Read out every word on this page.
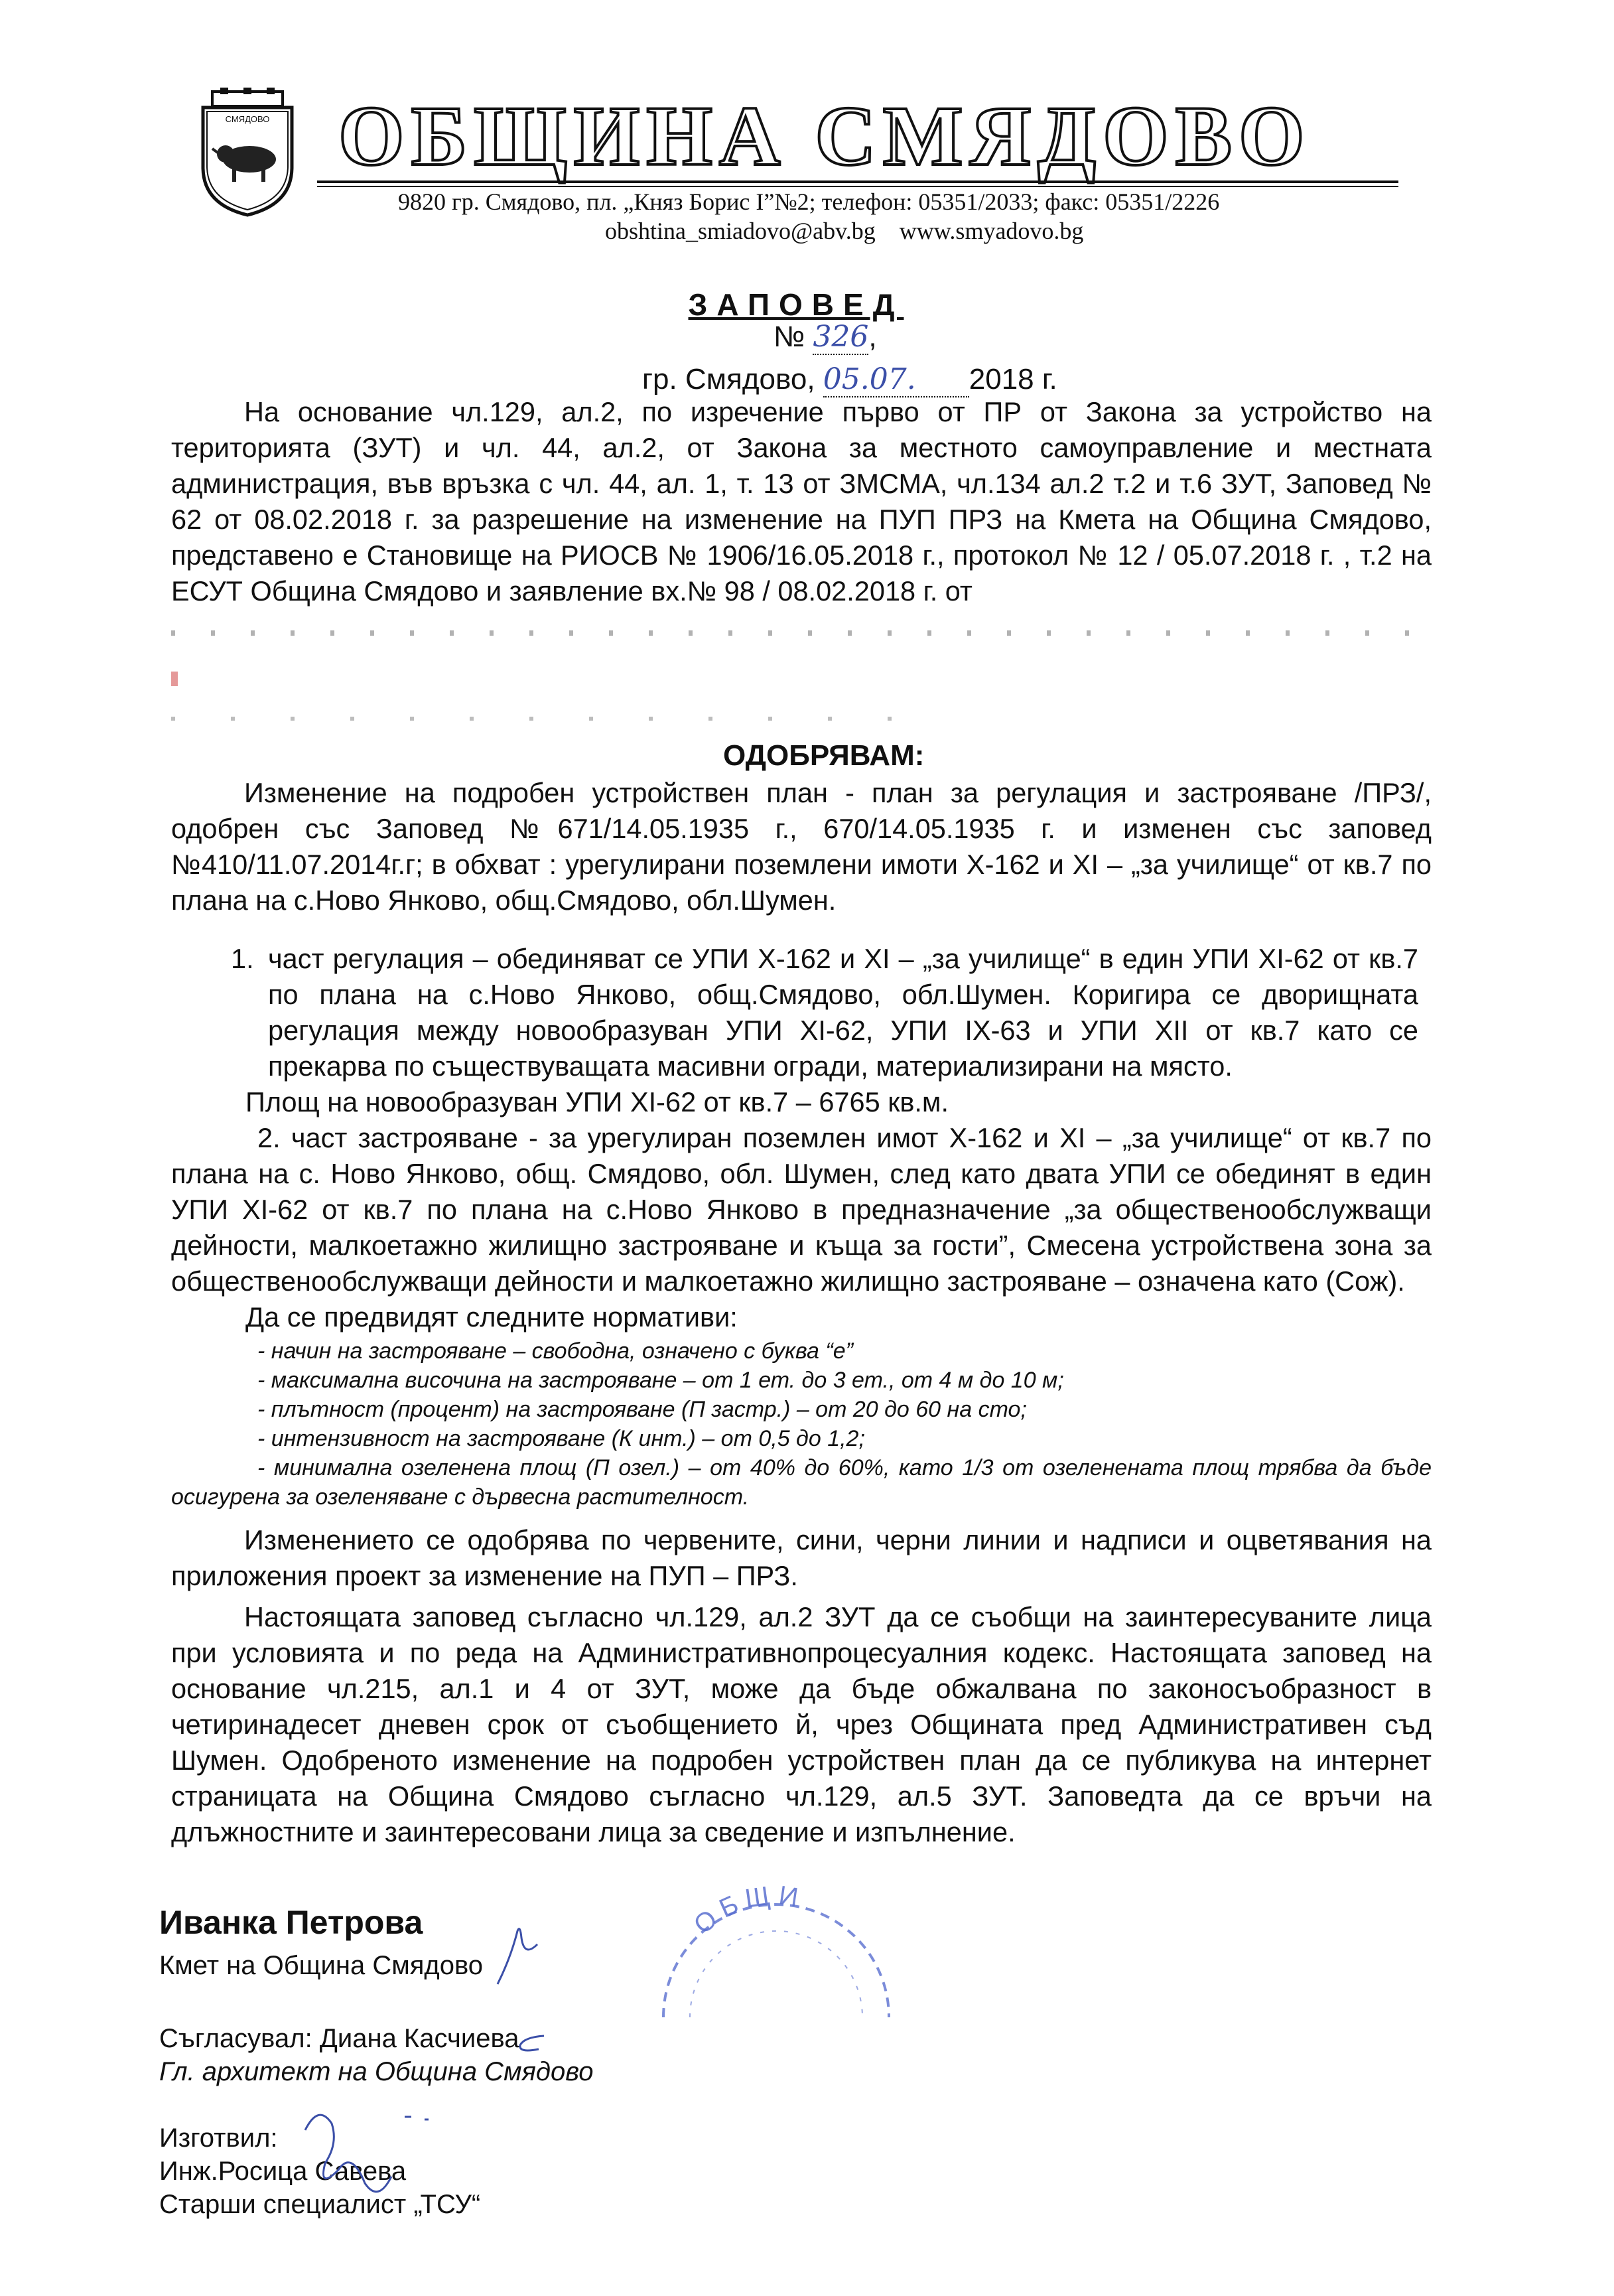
СМЯДОВО ОБЩИНА СМЯДОВО
9820 гр. Смядово, пл. „Княз Борис I”№2; телефон: 05351/2033; факс: 05351/2226
obshtina_smiadovo@abv.bg    www.smyadovo.bg
ЗАПОВЕД
№ 326,
гр. Смядово, 05.07. 2018 г.
На основание чл.129, ал.2, по изречение първо от ПР от Закона за устройство на територията (ЗУТ) и чл. 44, ал.2, от Закона за местното самоуправление и местната администрация, във връзка с чл. 44, ал. 1, т. 13 от ЗМСМА, чл.134 ал.2 т.2 и т.6 ЗУТ, Заповед № 62 от 08.02.2018 г. за разрешение на изменение на ПУП ПРЗ на Кмета на Община Смядово, представено е Становище на РИОСВ № 1906/16.05.2018 г., протокол № 12 / 05.07.2018 г. , т.2 на ЕСУТ Община Смядово и заявление вх.№ 98 / 08.02.2018 г. от
ОДОБРЯВАМ:
Изменение на подробен устройствен план - план за регулация и застрояване /ПРЗ/, одобрен със Заповед №671/14.05.1935 г., 670/14.05.1935 г. и изменен със заповед №410/11.07.2014г.г; в обхват : урегулирани поземлени имоти Х-162 и ХI – „за училище“ от кв.7 по плана на с.Ново Янково, общ.Смядово, обл.Шумен.
1. част регулация – обединяват се УПИ Х-162 и ХI – „за училище“ в един УПИ ХI-62 от кв.7 по плана на с.Ново Янково, общ.Смядово, обл.Шумен. Коригира се дворищната регулация между новообразуван УПИ ХI-62, УПИ IХ-63 и УПИ ХII от кв.7 като се прекарва по съществуващата масивни огради, материализирани на място.
Площ на новообразуван УПИ ХI-62 от кв.7 – 6765 кв.м.
2. част застрояване - за урегулиран поземлен имот Х-162 и ХI – „за училище“ от кв.7 по плана на с. Ново Янково, общ. Смядово, обл. Шумен, след като двата УПИ се обединят в един УПИ ХI-62 от кв.7 по плана на с.Ново Янково в предназначение „за общественообслужващи дейности, малкоетажно жилищно застрояване и къща за гости”, Смесена устройствена зона за общественообслужващи дейности и малкоетажно жилищно застрояване – означена като (Сож).
Да се предвидят следните нормативи:
- начин на застрояване – свободна, означено с буква “е”
- максимална височина на застрояване – от 1 ет. до 3 ет., от 4 м до 10 м;
- плътност (процент) на застрояване (П застр.) – от 20 до 60 на сто;
- интензивност на застрояване (К инт.) – от 0,5 до 1,2;
- минимална озеленена площ (П озел.) – от 40% до 60%, като 1/3 от озеленената площ трябва да бъде осигурена за озеленяване с дървесна растителност.
Изменението се одобрява по червените, сини, черни линии и надписи и оцветявания на приложения проект за изменение на ПУП – ПРЗ.
Настоящата заповед съгласно чл.129, ал.2 ЗУТ да се съобщи на заинтересуваните лица при условията и по реда на Административнопроцесуалния кодекс. Настоящата заповед на основание чл.215, ал.1 и 4 от ЗУТ, може да бъде обжалвана по законосъобразност в четиринадесет дневен срок от съобщението й, чрез Общината пред Административен съд Шумен. Одобреното изменение на подробен устройствен план да се публикува на интернет страницата на Община Смядово съгласно чл.129, ал.5 ЗУТ. Заповедта да се връчи на длъжностните и заинтересовани лица за сведение и изпълнение.
ОБЩИ
Иванка Петрова
Кмет на Община Смядово
Съгласувал: Диана Касчиева
Гл. архитект на Община Смядово
Изготвил:
Инж.Росица Савева
Старши специалист „ТСУ“
